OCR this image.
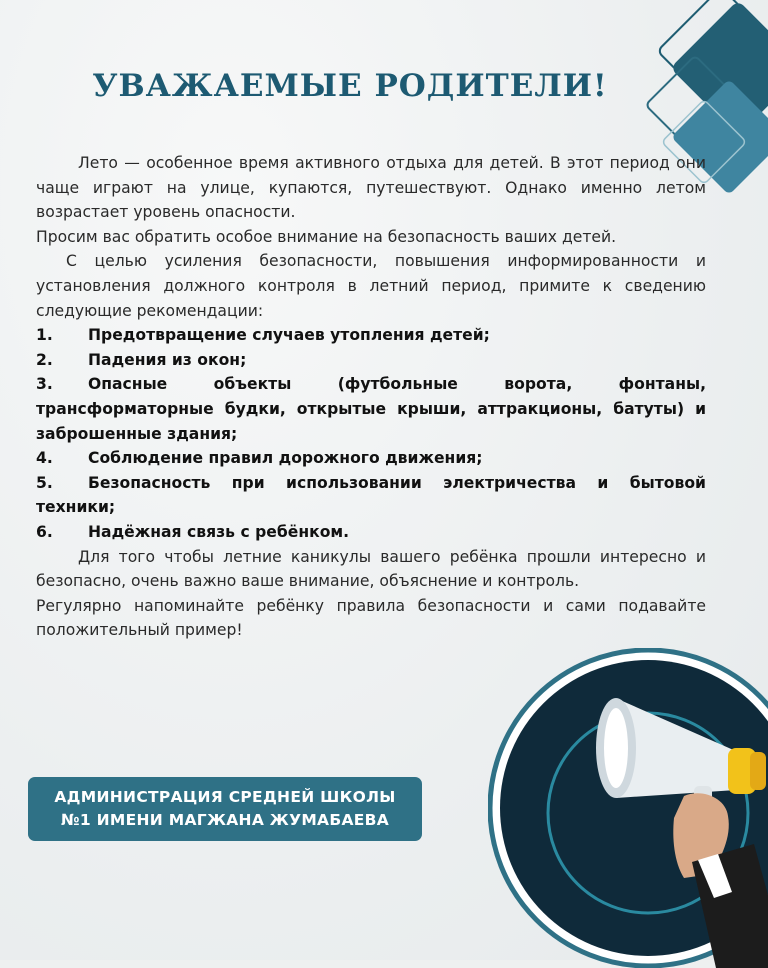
УВАЖАЕМЫЕ РОДИТЕЛИ!

Лето — особенное время активного отдыха для детей. В этот период они чаще играют на улице, купаются, путешествуют. Однако именно летом возрастает уровень опасности.

Просим вас обратить особое внимание на безопасность ваших детей.

С целью усиления безопасности, повышения информированности и установления должного контроля в летний период, примите к сведению следующие рекомендации:

1.	Предотвращение случаев утопления детей;
2.	Падения из окон;
3. Опасные объекты (футбольные ворота, фонтаны, трансформаторные будки, открытые крыши, аттракционы, батуты) и заброшенные здания;
4.	Соблюдение правил дорожного движения;
5. Безопасность при использовании электричества и бытовой техники;
6.	Надёжная связь с ребёнком.

Для того чтобы летние каникулы вашего ребёнка прошли интересно и безопасно, очень важно ваше внимание, объяснение и контроль.

Регулярно напоминайте ребёнку правила безопасности и сами подавайте положительный пример!

АДМИНИСТРАЦИЯ СРЕДНЕЙ ШКОЛЫ
№1 ИМЕНИ МАГЖАНА ЖУМАБАЕВА
